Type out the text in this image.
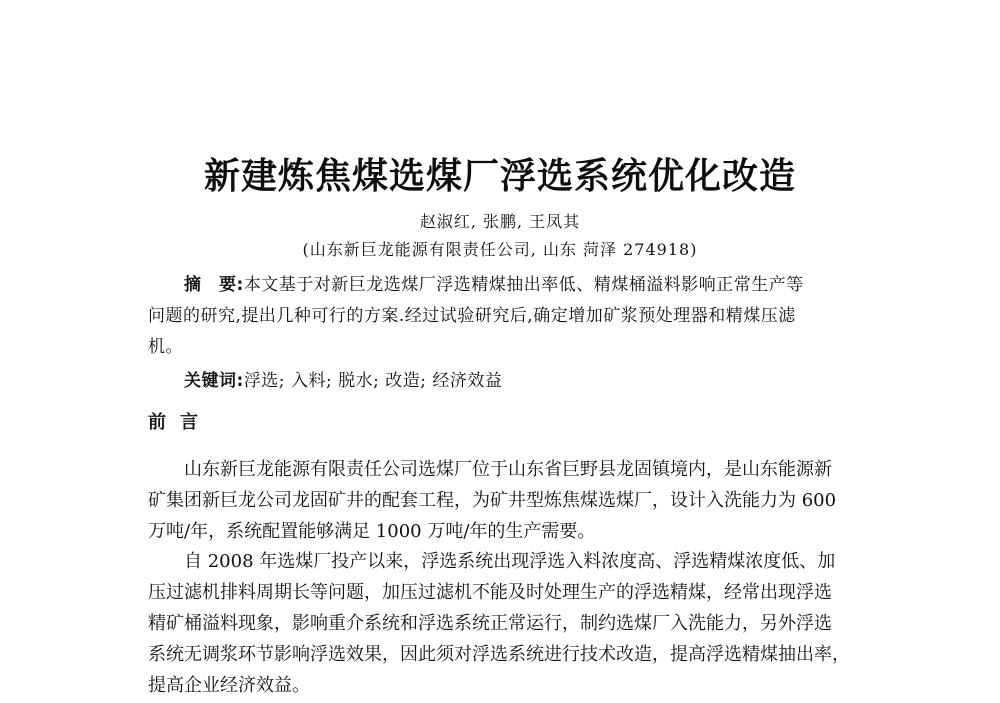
新建炼焦煤选煤厂浮选系统优化改造
赵淑红, 张鹏, 王凤其
(山东新巨龙能源有限责任公司, 山东 菏泽 274918)
摘　要:本文基于对新巨龙选煤厂浮选精煤抽出率低、精煤桶溢料影响正常生产等
问题的研究,提出几种可行的方案.经过试验研究后,确定增加矿浆预处理器和精煤压滤
机。
关键词:浮选; 入料; 脱水; 改造; 经济效益
前言
山东新巨龙能源有限责任公司选煤厂位于山东省巨野县龙固镇境内，是山东能源新
矿集团新巨龙公司龙固矿井的配套工程，为矿井型炼焦煤选煤厂，设计入洗能力为 600
万吨/年，系统配置能够满足 1000 万吨/年的生产需要。
自 2008 年选煤厂投产以来，浮选系统出现浮选入料浓度高、浮选精煤浓度低、加
压过滤机排料周期长等问题，加压过滤机不能及时处理生产的浮选精煤，经常出现浮选
精矿桶溢料现象，影响重介系统和浮选系统正常运行，制约选煤厂入洗能力，另外浮选
系统无调浆环节影响浮选效果，因此须对浮选系统进行技术改造，提高浮选精煤抽出率，
提高企业经济效益。
